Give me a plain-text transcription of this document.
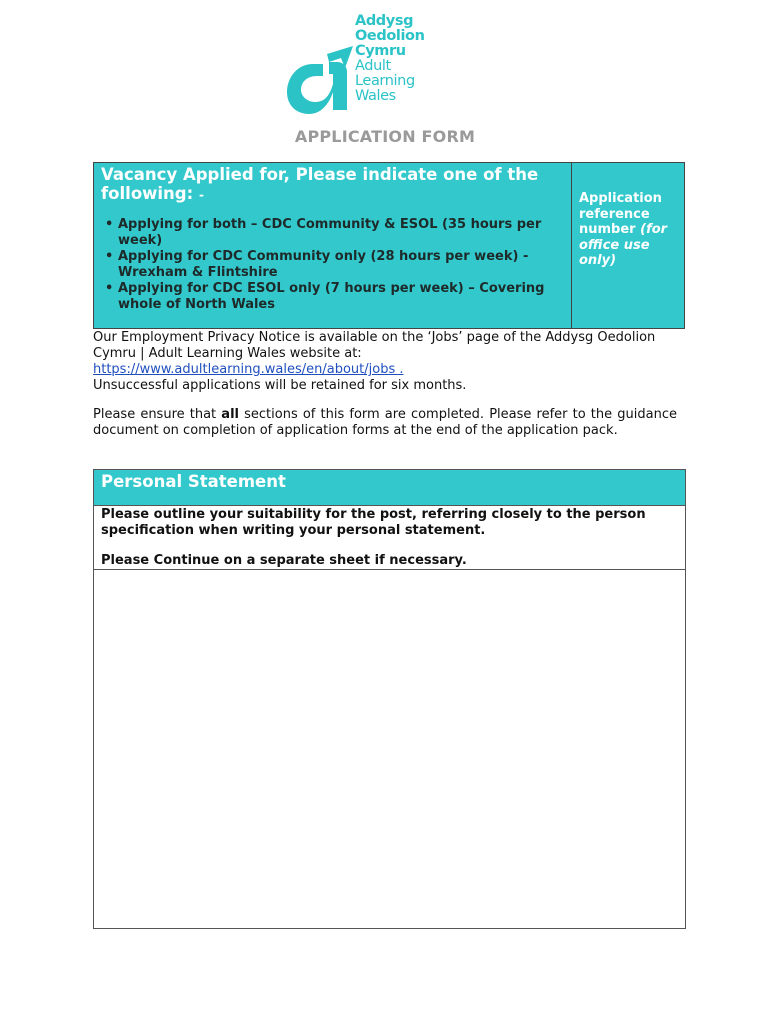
Addysg
Oedolion
Cymru
Adult
Learning
Wales
APPLICATION FORM
Vacancy Applied for, Please indicate one of the following: -
• Applying for both – CDC Community & ESOL (35 hours per week)
• Applying for CDC Community only (28 hours per week) - Wrexham & Flintshire
• Applying for CDC ESOL only (7 hours per week) – Covering whole of North Wales
Application reference number (for office use only)
Our Employment Privacy Notice is available on the ‘Jobs’ page of the Addysg Oedolion Cymru | Adult Learning Wales website at:
https://www.adultlearning.wales/en/about/jobs .
Unsuccessful applications will be retained for six months.
Please ensure that all sections of this form are completed. Please refer to the guidance document on completion of application forms at the end of the application pack.
Personal Statement

Please outline your suitability for the post, referring closely to the person specification when writing your personal statement.

Please Continue on a separate sheet if necessary.
